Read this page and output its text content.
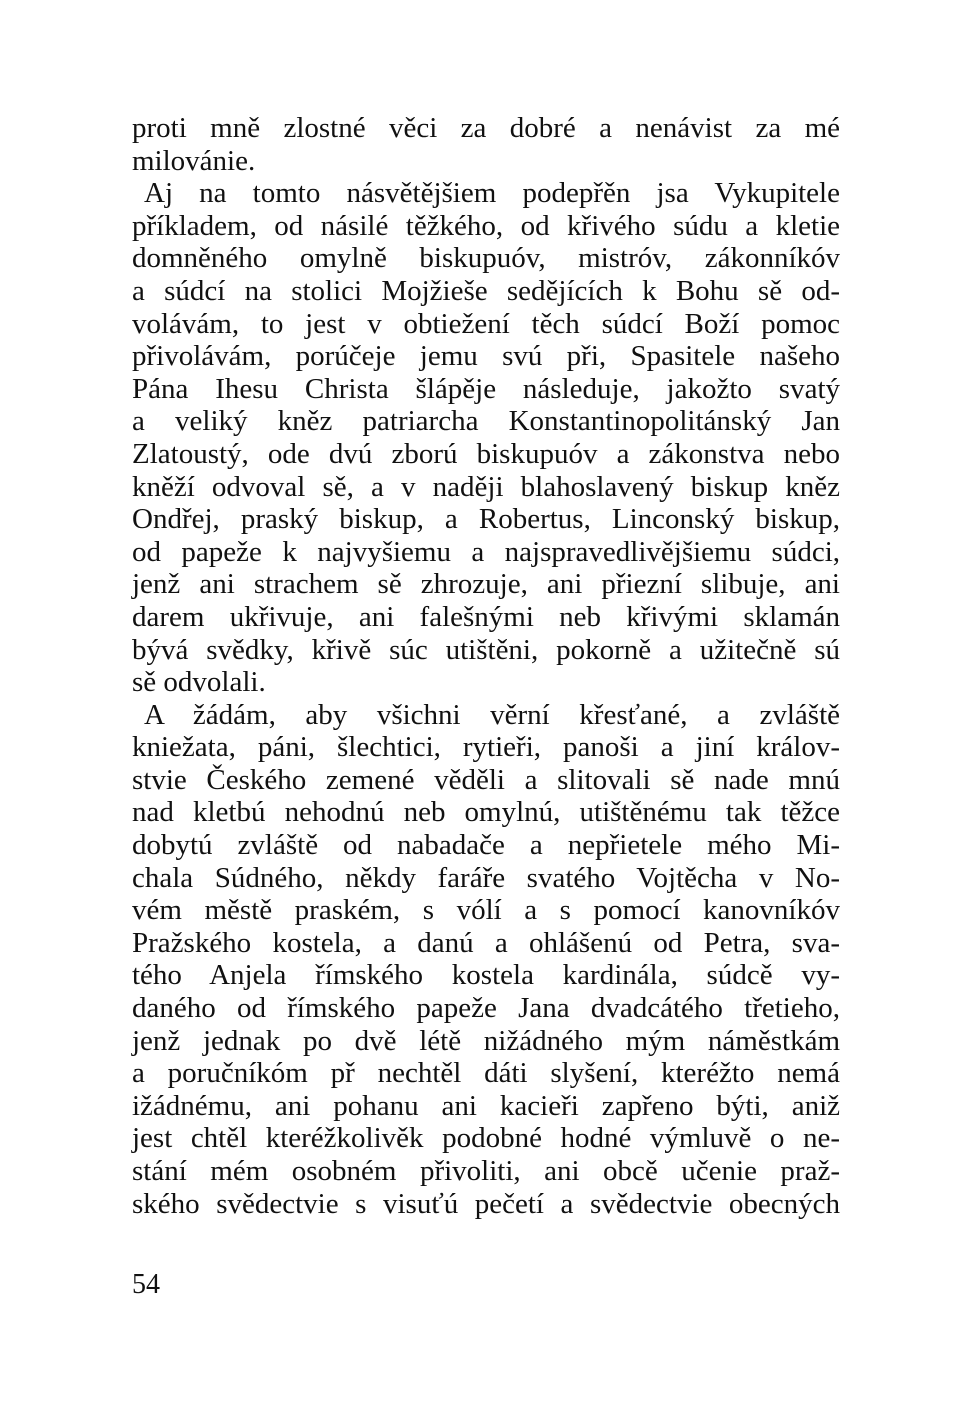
proti mně zlostné věci za dobré a nenávist za mé
milovánie.
Aj na tomto násvětějšiem podepřěn jsa Vykupitele
příkladem, od násilé těžkého, od křivého súdu a kletie
domněného omylně biskupuóv, mistróv, zákonníkóv
a súdcí na stolici Mojžieše sedějících k Bohu sě od-
volávám, to jest v obtiežení těch súdcí Boží pomoc
přivolávám, porúčeje jemu svú při, Spasitele našeho
Pána Ihesu Christa šlápěje následuje, jakožto svatý
a veliký kněz patriarcha Konstantinopolitánský Jan
Zlatoustý, ode dvú zború biskupuóv a zákonstva nebo
kněží odvoval sě, a v naději blahoslavený biskup kněz
Ondřej, praský biskup, a Robertus, Linconský biskup,
od papeže k najvyšiemu a najspravedlivějšiemu súdci,
jenž ani strachem sě zhrozuje, ani přiezní slibuje, ani
darem ukřivuje, ani falešnými neb křivými sklamán
bývá svědky, křivě súc utištěni, pokorně a užitečně sú
sě odvolali.
A žádám, aby všichni věrní křesťané, a zvláště
kniežata, páni, šlechtici, rytieři, panoši a jiní králov-
stvie Českého zemené věděli a slitovali sě nade mnú
nad kletbú nehodnú neb omylnú, utištěnému tak těžce
dobytú zvláště od nabadače a nepřietele mého Mi-
chala Súdného, někdy faráře svatého Vojtěcha v No-
vém městě praském, s vólí a s pomocí kanovníkóv
Pražského kostela, a danú a ohlášenú od Petra, sva-
tého Anjela římského kostela kardinála, súdcě vy-
daného od římského papeže Jana dvadcátého třetieho,
jenž jednak po dvě létě nižádného mým náměstkám
a poručníkóm př nechtěl dáti slyšení, kteréžto nemá
ižádnému, ani pohanu ani kacieři zapřeno býti, aniž
jest chtěl kteréžkolivěk podobné hodné výmluvě o ne-
stání mém osobném přivoliti, ani obcě učenie praž-
ského svědectvie s visuťú pečetí a svědectvie obecných
54
